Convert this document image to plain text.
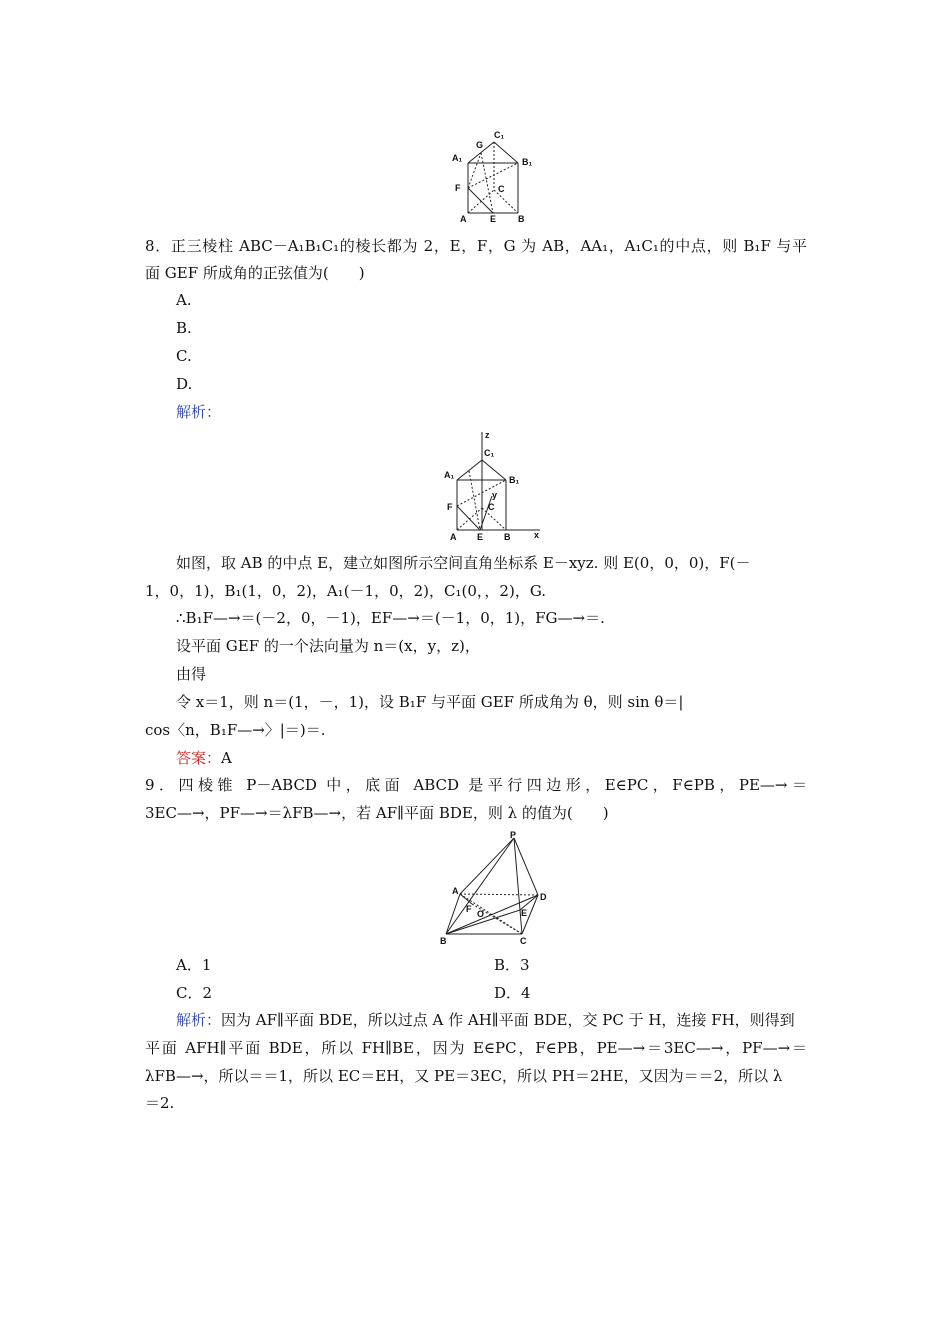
G
C₁
A₁	B₁
F	C
A	E B
8．正三棱柱 ABC－A₁B₁C₁的棱长都为 2，E，F，G 为 AB，AA₁，A₁C₁的中点，则 B₁F 与平
面 GEF 所成角的正弦值为(　　)
A.
B.
C.
D.
解析：
z
C₁
A₁	B₁
y
C
F
A E B	x
如图，取 AB 的中点 E，建立如图所示空间直角坐标系 E－xyz. 则 E(0，0，0)，F(－
1，0，1)，B₁(1，0，2)，A₁(－1，0，2)，C₁(0，，2)，G.
∴B₁F—→＝(－2，0，－1)，EF—→＝(－1，0，1)，FG—→＝.
设平面 GEF 的一个法向量为 n＝(x，y，z)，
由得
令 x＝1，则 n＝(1，－，1)，设 B₁F 与平面 GEF 所成角为 θ，则 sin θ＝|
cos〈n，B₁F—→〉|＝)＝.
答案：A
9．四棱锥 P－ABCD 中，底面 ABCD 是平行四边形，E∈PC，F∈PB，PE—→＝
3EC—→，PF—→＝λFB—→，若 AF∥平面 BDE，则 λ 的值为(　　)
P
A
D
F O	E
B	C
A．1	B．3
C．2	D．4
解析：因为 AF∥平面 BDE，所以过点 A 作 AH∥平面 BDE，交 PC 于 H，连接 FH，则得到
平面 AFH∥平面 BDE，所以 FH∥BE，因为 E∈PC，F∈PB，PE—→＝3EC—→，PF—→＝
λFB—→，所以＝＝1，所以 EC＝EH，又 PE＝3EC，所以 PH＝2HE，又因为＝＝2，所以 λ
＝2.
